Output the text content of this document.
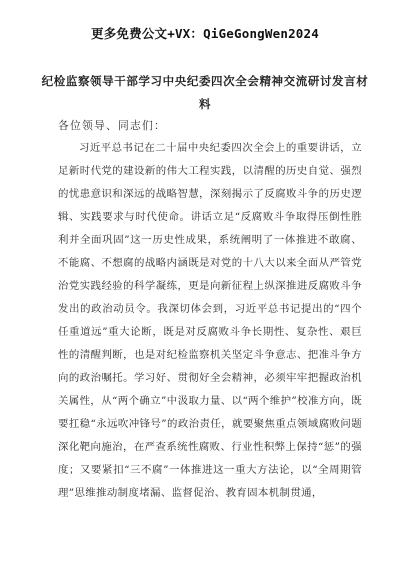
更多免费公文+VX：QiGeGongWen2024
纪检监察领导干部学习中央纪委四次全会精神交流研讨发言材料
各位领导、同志们：
习近平总书记在二十届中央纪委四次全会上的重要讲话，立足新时代党的建设新的伟大工程实践，以清醒的历史自觉、强烈的忧患意识和深远的战略智慧，深刻揭示了反腐败斗争的历史逻辑、实践要求与时代使命。讲话立足“反腐败斗争取得压倒性胜利并全面巩固”这一历史性成果，系统阐明了一体推进不敢腐、不能腐、不想腐的战略内涵既是对党的十八大以来全面从严管党治党实践经验的科学凝练，更是向新征程上纵深推进反腐败斗争发出的政治动员令。我深切体会到，习近平总书记提出的“四个任重道远”重大论断，既是对反腐败斗争长期性、复杂性、艰巨性的清醒判断，也是对纪检监察机关坚定斗争意志、把准斗争方向的政治嘱托。学习好、贯彻好全会精神，必须牢牢把握政治机关属性，从“两个确立”中汲取力量、以“两个维护”校准方向，既要扛稳“永远吹冲锋号”的政治责任，就要聚焦重点领域腐败问题深化靶向施治，在严查系统性腐败、行业性积弊上保持“惩”的强度；又要紧扣“三不腐”一体推进这一重大方法论，以“全周期管理”思维推动制度堵漏、监督促治、教育固本机制贯通，
